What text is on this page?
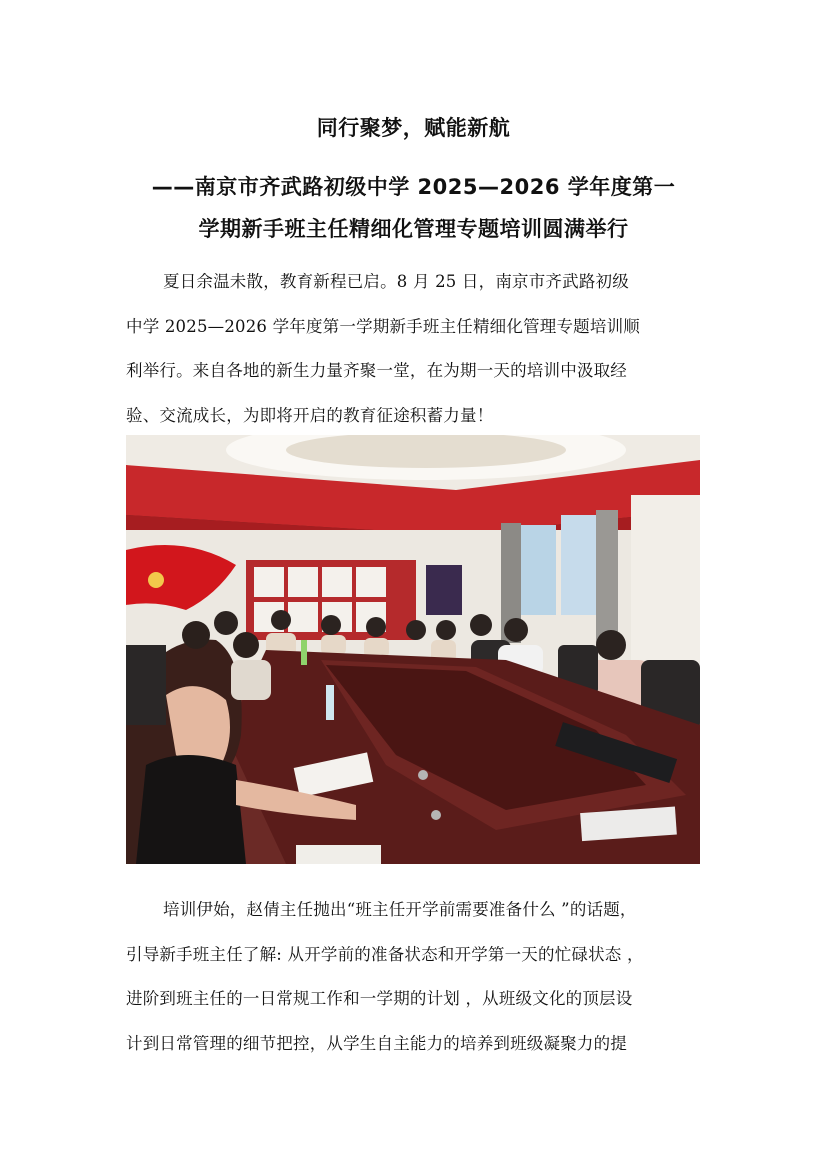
同行聚梦，赋能新航
——南京市齐武路初级中学 2025—2026 学年度第一
学期新手班主任精细化管理专题培训圆满举行
夏日余温未散，教育新程已启。8 月 25 日，南京市齐武路初级
中学 2025—2026 学年度第一学期新手班主任精细化管理专题培训顺
利举行。来自各地的新生力量齐聚一堂，在为期一天的培训中汲取经
验、交流成长，为即将开启的教育征途积蓄力量！
培训伊始，赵倩主任抛出“班主任开学前需要准备什么 ”的话题，
引导新手班主任了解: 从开学前的准备状态和开学第一天的忙碌状态 ，
进阶到班主任的一日常规工作和一学期的计划 ，从班级文化的顶层设
计到日常管理的细节把控，从学生自主能力的培养到班级凝聚力的提
